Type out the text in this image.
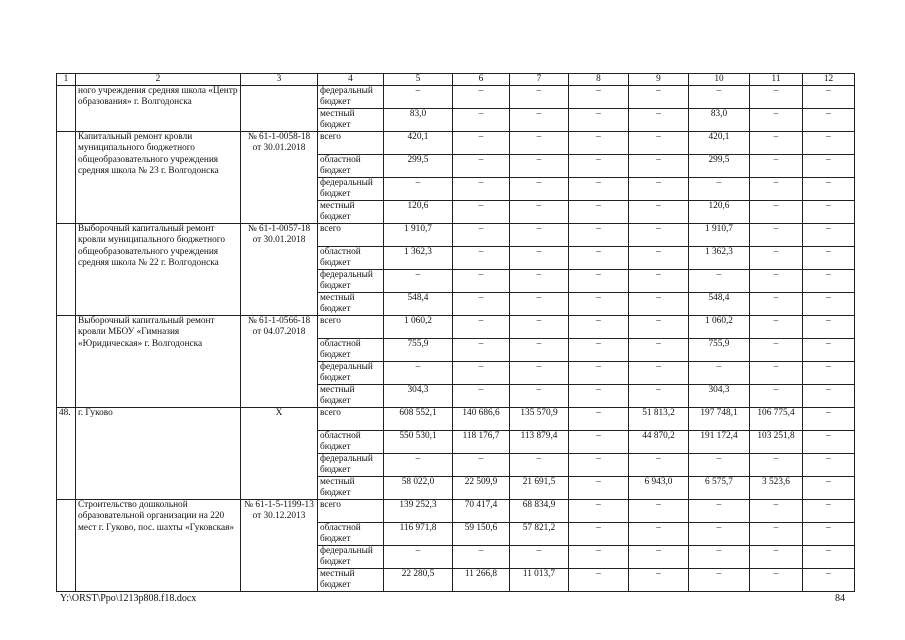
1	2	3	4	5	6	7	8	9	10	11	12
	ного учреждения средняя школа «Центр образования» г. Волгодонска		федеральный бюджет	–	–	–	–	–	–	–	–
			местный бюджет	83,0	–	–	–	–	83,0	–	–
	Капитальный ремонт кровли муниципального бюджетного общеобразовательного учреждения средняя школа № 23 г. Волгодонска	№ 61-1-0058-18 от 30.01.2018	всего	420,1	–	–	–	–	420,1	–	–
			областной бюджет	299,5	–	–	–	–	299,5	–	–
			федеральный бюджет	–	–	–	–	–	–	–	–
			местный бюджет	120,6	–	–	–	–	120,6	–	–
	Выборочный капитальный ремонт кровли муниципального бюджетного общеобразовательного учреждения средняя школа № 22 г. Волгодонска	№ 61-1-0057-18 от 30.01.2018	всего	1 910,7	–	–	–	–	1 910,7	–	–
			областной бюджет	1 362,3	–	–	–	–	1 362,3	–	–
			федеральный бюджет	–	–	–	–	–	–	–	–
			местный бюджет	548,4	–	–	–	–	548,4	–	–
	Выборочный капитальный ремонт кровли МБОУ «Гимназия «Юридическая» г. Волгодонска	№ 61-1-0566-18 от 04.07.2018	всего	1 060,2	–	–	–	–	1 060,2	–	–
			областной бюджет	755,9	–	–	–	–	755,9	–	–
			федеральный бюджет	–	–	–	–	–	–	–	–
			местный бюджет	304,3	–	–	–	–	304,3	–	–
48.	г. Гуково	Х	всего	608 552,1	140 686,6	135 570,9	–	51 813,2	197 748,1	106 775,4	–
			областной бюджет	550 530,1	118 176,7	113 879,4	–	44 870,2	191 172,4	103 251,8	–
			федеральный бюджет	–	–	–	–	–	–	–	–
			местный бюджет	58 022,0	22 509,9	21 691,5	–	6 943,0	6 575,7	3 523,6	–
	Строительство дошкольной образовательной организации на 220 мест г. Гуково, пос. шахты «Гуковская»	№ 61-1-5-1199-13 от 30.12.2013	всего	139 252,3	70 417,4	68 834,9	–	–	–	–	–
			областной бюджет	116 971,8	59 150,6	57 821,2	–	–	–	–	–
			федеральный бюджет	–	–	–	–	–	–	–	–
			местный бюджет	22 280,5	11 266,8	11 013,7	–	–	–	–	–
Y:\ORST\Ppo\1213p808.f18.docx	84
